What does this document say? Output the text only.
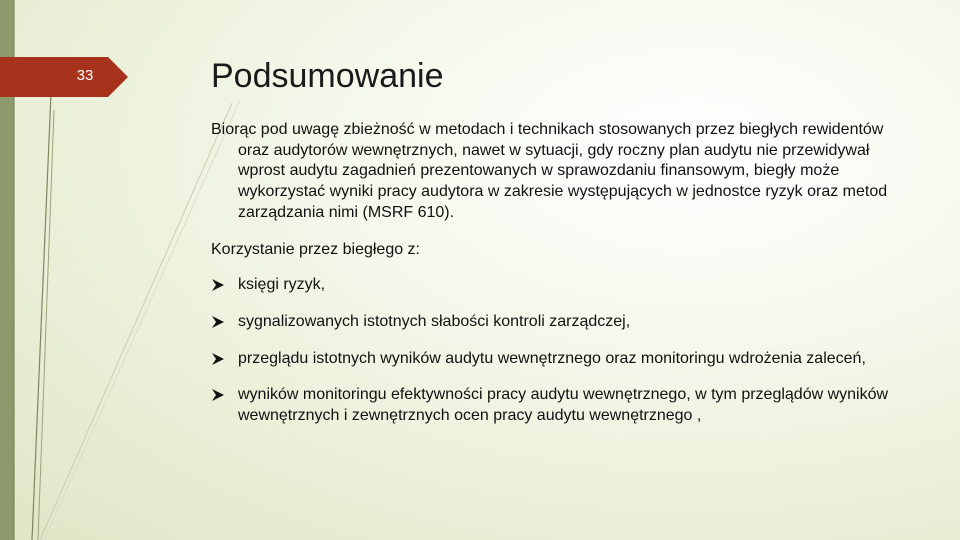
33	Podsumowanie

Biorąc pod uwagę zbieżność w metodach i technikach stosowanych przez biegłych rewidentów oraz audytorów wewnętrznych, nawet w sytuacji, gdy roczny plan audytu nie przewidywał wprost audytu zagadnień prezentowanych w sprawozdaniu finansowym, biegły może wykorzystać wyniki pracy audytora w zakresie występujących w jednostce ryzyk oraz metod zarządzania nimi (MSRF 610).

Korzystanie przez biegłego z:

księgi ryzyk,
sygnalizowanych istotnych słabości kontroli zarządczej,
przeglądu istotnych wyników audytu wewnętrznego oraz monitoringu wdrożenia zaleceń,
wyników monitoringu efektywności pracy audytu wewnętrznego, w tym przeglądów wyników wewnętrznych i zewnętrznych ocen pracy audytu wewnętrznego ,
